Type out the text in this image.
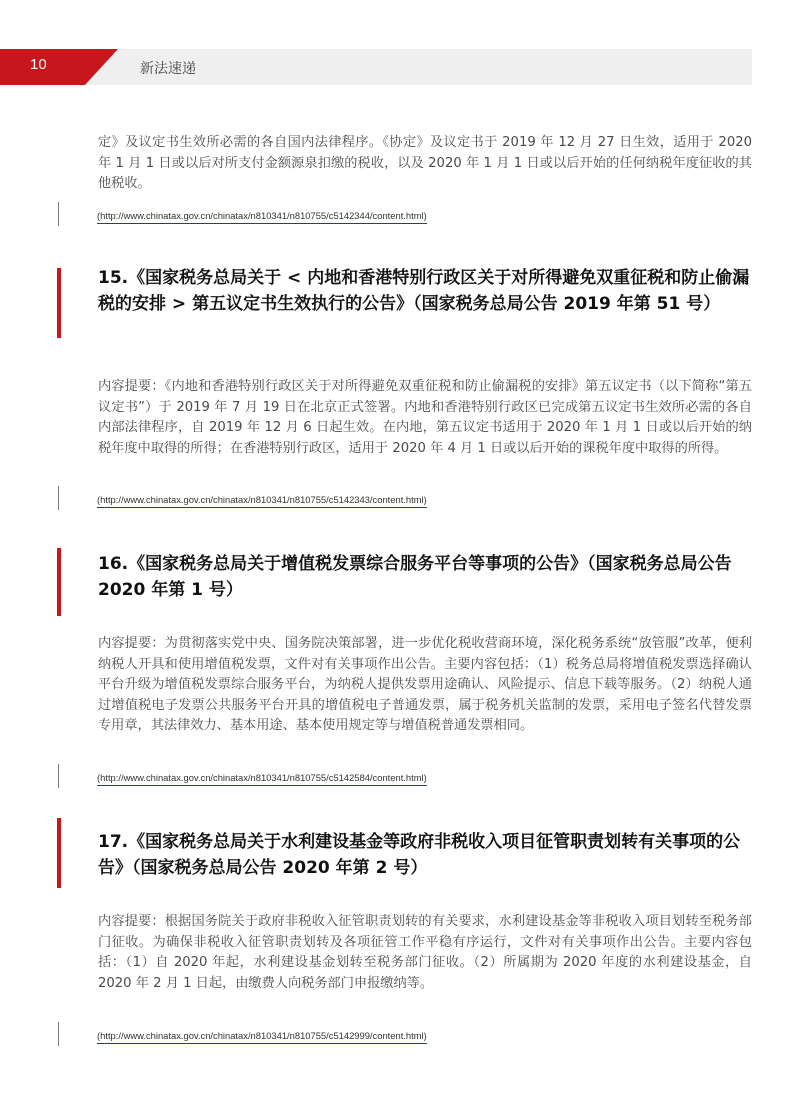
10	新法速递

定》及议定书生效所必需的各自国内法律程序。《协定》及议定书于 2019 年 12 月 27 日生效，适用于 2020 年 1 月 1 日或以后对所支付金额源泉扣缴的税收，以及 2020 年 1 月 1 日或以后开始的任何纳税年度征收的其他税收。

(http://www.chinatax.gov.cn/chinatax/n810341/n810755/c5142344/content.html)
15.《国家税务总局关于 < 内地和香港特别行政区关于对所得避免双重征税和防止偷漏税的安排 > 第五议定书生效执行的公告》（国家税务总局公告 2019 年第 51 号）

内容提要：《内地和香港特别行政区关于对所得避免双重征税和防止偷漏税的安排》第五议定书（以下简称“第五议定书”）于 2019 年 7 月 19 日在北京正式签署。内地和香港特别行政区已完成第五议定书生效所必需的各自内部法律程序，自 2019 年 12 月 6 日起生效。在内地，第五议定书适用于 2020 年 1 月 1 日或以后开始的纳税年度中取得的所得；在香港特别行政区，适用于 2020 年 4 月 1 日或以后开始的课税年度中取得的所得。

(http://www.chinatax.gov.cn/chinatax/n810341/n810755/c5142343/content.html)
16.《国家税务总局关于增值税发票综合服务平台等事项的公告》（国家税务总局公告 2020 年第 1 号）

内容提要：为贯彻落实党中央、国务院决策部署，进一步优化税收营商环境，深化税务系统“放管服”改革，便利纳税人开具和使用增值税发票，文件对有关事项作出公告。主要内容包括：（1）税务总局将增值税发票选择确认平台升级为增值税发票综合服务平台，为纳税人提供发票用途确认、风险提示、信息下载等服务。（2）纳税人通过增值税电子发票公共服务平台开具的增值税电子普通发票，属于税务机关监制的发票，采用电子签名代替发票专用章，其法律效力、基本用途、基本使用规定等与增值税普通发票相同。

(http://www.chinatax.gov.cn/chinatax/n810341/n810755/c5142584/content.html)
17.《国家税务总局关于水利建设基金等政府非税收入项目征管职责划转有关事项的公告》（国家税务总局公告 2020 年第 2 号）

内容提要：根据国务院关于政府非税收入征管职责划转的有关要求，水利建设基金等非税收入项目划转至税务部门征收。为确保非税收入征管职责划转及各项征管工作平稳有序运行，文件对有关事项作出公告。主要内容包括：（1）自 2020 年起，水利建设基金划转至税务部门征收。（2）所属期为 2020 年度的水利建设基金，自 2020 年 2 月 1 日起，由缴费人向税务部门申报缴纳等。

(http://www.chinatax.gov.cn/chinatax/n810341/n810755/c5142999/content.html)
